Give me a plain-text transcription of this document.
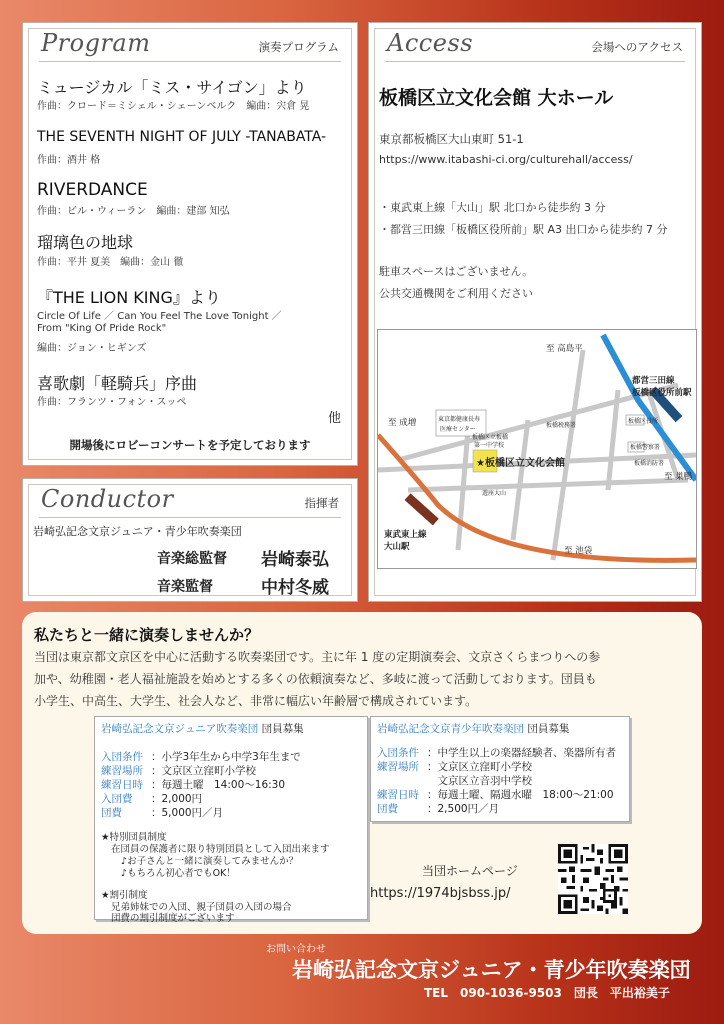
Program	演奏プログラム
ミュージカル「ミス・サイゴン」より
作曲：クロード＝ミシェル・シェーンベルク　編曲：宍倉 晃
THE SEVENTH NIGHT OF JULY -TANABATA-
作曲：酒井 格
RIVERDANCE
作曲：ビル・ウィーラン　編曲：建部 知弘
瑠璃色の地球
作曲：平井 夏美　編曲：金山 徹
『THE LION KING』より
Circle Of Life ／ Can You Feel The Love Tonight ／
From "King Of Pride Rock"
編曲：ジョン・ヒギンズ
喜歌劇「軽騎兵」序曲
作曲：フランツ・フォン・スッペ
他
開場後にロビーコンサートを予定しております
Conductor	指揮者
岩崎弘記念文京ジュニア・青少年吹奏楽団
音楽総監督 岩崎泰弘
音楽監督	中村冬威
Access	会場へのアクセス
板橋区立文化会館 大ホール
東京都板橋区大山東町 51-1
https://www.itabashi-ci.org/culturehall/access/
・東武東上線「大山」駅 北口から徒歩約 3 分
・都営三田線「板橋区役所前」駅 A3 出口から徒歩約 7 分
駐車スペースはございません。
公共交通機関をご利用ください
至 高島平
至 成増
至 巣鴨
至 池袋
都営三田線
板橋区役所前駅
東武東上線
大山駅
★板橋区立文化会館
東京都健康長寿
医療センター
板橋区立板橋
第一中学校
板橋税務署
板橋区役所
板橋警察署
板橋消防署
遊座大山
私たちと一緒に演奏しませんか？
当団は東京都文京区を中心に活動する吹奏楽団です。主に年 1 度の定期演奏会、文京さくらまつりへの参
加や、幼稚園・老人福祉施設を始めとする多くの依頼演奏など、多岐に渡って活動しております。団員も
小学生、中高生、大学生、社会人など、非常に幅広い年齢層で構成されています。
岩崎弘記念文京ジュニア吹奏楽団 団員募集
入団条件 ：小学3年生から中学3年生まで
練習場所 ：文京区立窪町小学校
練習日時 ：毎週土曜　14:00〜16:30
入団費 ：2,000円
団費	：5,000円／月
★特別団員制度
在団員の保護者に限り特別団員として入団出来ます
♪お子さんと一緒に演奏してみませんか？
♪もちろん初心者でもOK！
★割引制度
兄弟姉妹での入団、親子団員の入団の場合
団費の割引制度がございます
岩崎弘記念文京青少年吹奏楽団 団員募集
入団条件 ：中学生以上の楽器経験者、楽器所有者
練習場所 ：文京区立窪町小学校
　文京区立音羽中学校
練習日時 ：毎週土曜、隔週水曜　18:00〜21:00
団費	：2,500円／月
当団ホームページ
https://1974bjsbss.jp/
お問い合わせ
岩崎弘記念文京ジュニア・青少年吹奏楽団
TEL　090-1036-9503　団長　平出裕美子
